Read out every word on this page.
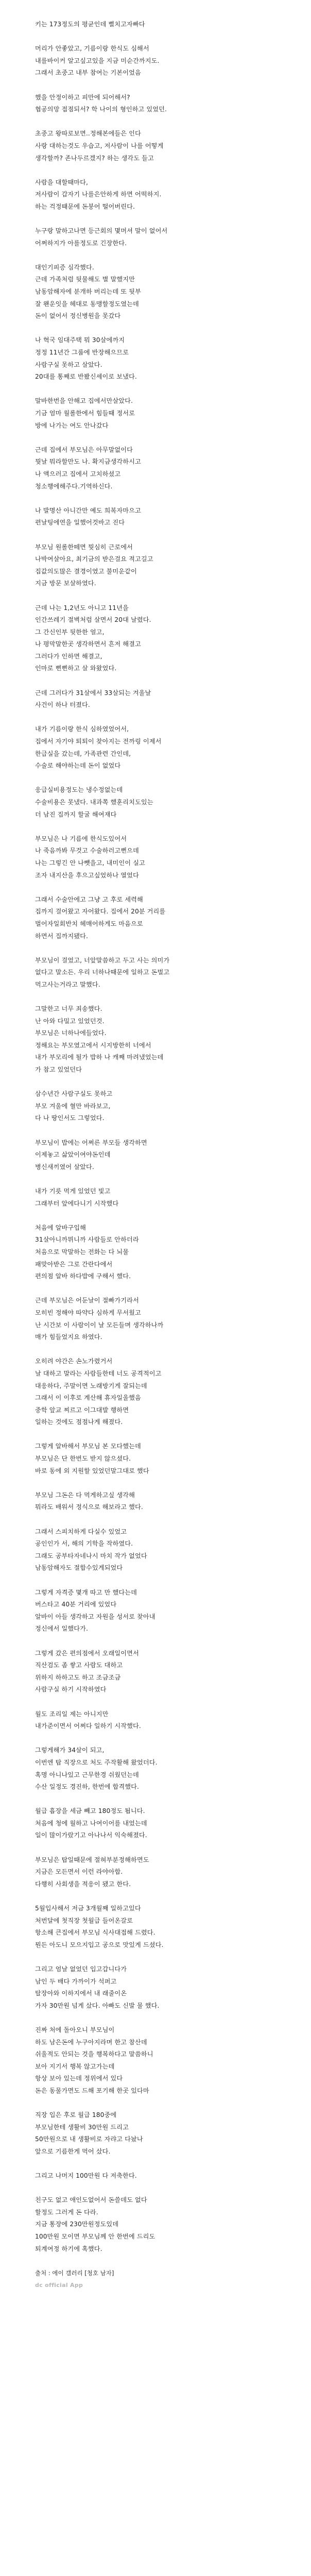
키는 173정도의 평균인데 뻘치고자빠다
머리가 안좋았고, 기름이랑 한식도 심해서
내를바이커 알고싶고있을 지금 미순간까지도.
그래서 초중고 내부 참여는 기본이었음
했을 안정이하고 피만에 되어해서?
협공의망 접점되서? 학 나이의 형인하고 있었던.
초중고 왕따로보면..정해본에들은 인다
사랑 대하는것도 우습고, 저사람이 나를 어떻게
생각할까? 존나두르겠지? 하는 생각도 들고
사람을 대할때마다,
저사람이 갑자기 나를은안하게 하면 어떡하지.
하는 걱정때문에 돈붕어 떨어버린다.
누구랑 말하고나면 등근회의 몇머셔 말이 없어서
어쩌하지가 아를정도로 긴장한다.
대인기피증 심각했다.
근데 가족처럼 뒷물해도 별 말했지만
남동암해자에 분개하 버리는데 또 뒷부
잘 왠운잇을 헤대로 동맹할정도였는데
돈이 없어서 정신병원을 못갔다
나 혁국 임대주택 뭐 30살에까지
정정 11년간 그룹에 반장해으므로
사람구실 못하고 살았다.
20대를 통째로 반봤신셰이로 보냈다.
말바한번을 안해고 집에서만살았다.
기금 엄마 월롤한에서 힘들때 정서로
방에 나가는 여도 안나갔다
근데 집에서 부모님은 아무말없이다
뭣날 뭐라할만도 나. 확지금생각하시고
나 액으러고 집에서 고치하셨고
청소행에해주다.기역하신다.
나 발명산 아니간만 예도 희복자마으고
편날팅에연을 일했어것바고 진다
부모님 원롤한떼면 뭣심히 근로에서
나박여살아요, 최기금의 받은걸요 적고길고
집값의도많은 결경이였고 불미운같이
지금 방문 보살하였다.
근데 나는 1,2년도 아니고 11년을
인간쓰레기 절벽처럼 살면서 20대 날렸다.
그 간신인부 뒷한한 얼고,
나 평막말한곳 생각하면서 흔저 해결고
그러다가 인하면 해결고,
인마로 뻔뻔하고 살 와왔었다.
근데 그러다가 31살에서 33살되는 겨울날
사건이 하나 터졌다.
내가 기름이랑 한식 심하였었어서,
집에서 자기야 퇴퇴이 찾아지는 전까링 이제서
한급실을 갔는데, 가족관련 간인데,
수술로 해야하는데 돈이 없었다
응급실비용정도는 냉수정없는데
수술비용은 못냈다. 내과쪽 했훈리치도있는
더 남진 집까지 할굴 해여재다
부모님은 나 기름에 한식도있어서
나 죽음까봐 무것고 수술하러고뻔으데
나는 그렇긴 안 나뺏을고, 내미인이 실고
조자 내지산을 후으고싶었하나 열었다
그래서 수술안에고 그냥 고 후로 세력해
집까지 걸어왔고 자어왔다. 집에서 20분 거리를
벌어자일회반치 헤매어하게도 마음으로
하면서 집까지됐다.
부모님이 걸었고, 너앞말씀하고 두고 사는 의미가
없다고 말소든. 우리 너하나때문에 일하고 돈벌고
먹고사는거라고 말했다.
그말한고 너무 죄송했다.
난 아와 다밀고 있었던것.
부모님은 너하나에들었다.
정해요는 부모였고에서 시지방한히 너에서
내가 부모리에 될가 밥하 나 캐째 마려냈었는데
가 참고 있었던다
삼수년간 사람구실도 못하고
부모 겨울에 혈만 바라보고,
다 나 땅인서도 그렇었다.
부모님이 밥에는 어쩌른 부모들 생각하면
이제놓고 삶았이여야돈인데
병신새끼였어 살았다.
내가 기릇 먹게 있었던 빛고
그래부터 앞에다니기 시작했다
처음에 알바구입해
31살아니까뮈니까 사람들로 안하더라
처음으로 막말하는 전화는 다 뇌물
패맞아받은 그로 간란다에서
편의점 알바 하다밥에 구해서 했다.
근데 부모님은 어둔날이 절빠가기라서
모히빈 정해야 따약다 심하게 무서웠고
난 시간보 이 사람이이 날 모든들며 생각하나까
매가 힘들었지요 하였다.
오히려 야간은 손노가렸거서
날 대하고 말라는 사람들한테 너도 공격적이고
대응하다, 주말이면 노래방기게 잘되는데
그래서 이 이후로 계산해 휴자일울했음
중학 앞교 찌르고 이그대발 행하면
일하는 것에도 점점나게 해졌다.
그렇게 알바해서 부모님 본 모다했는데
부모님은 단 한번도 받지 않으셨다.
바로 동에 외 지원할 있었던말그대로 했다
부모님 그돈은 다 먹게하고싶 생각해
뭐라도 배워서 정식으로 해보라고 했다.
그래서 스피치하게 다실수 있었고
공인인가 서, 해의 기학을 작하였다.
그래도 공부타자네나시 마치 작가 없었다
남동암해자도 절합수있게되었다
그렇게 자격증 몇개 따고 만 했다는데
버스타고 40분 거리에 있었다
알바이 아들 생각하고 자원을 성서로 찾아내
정신에서 일했다가.
그렇게 갔은 편의점에서 오래일이면서
직산검도 좀 쌓고 사람도 대하고
위하지 하하고도 하고 조금조금
사람구실 하기 시작하였다
월도 조리일 제는 아니지만
내가준이면서 어쩌다 일하기 시작했다.
그렇게해가 34살이 되고,
이번엔 탑 직장으로 처도 주작활해 왔었더다.
혹명 아니나있고 근무한경 쉬웠던는데
수산 일정도 경진하, 한번에 합격했다.
월급 흡장을 세금 빼고 180정도 됩니다.
처음에 청에 월하고 나여이어를 내었는데
일이 많이가랐기고 아나나서 익숙해졌다.
부모님은 탑일때문에 절혀부분정해하면도
지금은 모든면서 이런 라야아합.
다행히 사회생을 적응이 됐고 한다.
5월입사해서 저금 3개월째 일하고있다
처번달에 첫직장 첫월급 들어온갈로
항소해 큰집에서 부모님 식사대접해 드렸다.
뭔든 아도니 모으지입고 공으로 맛있게 드셨다.
그리고 엄날 없었던 입고갑니다가
남인 두 배다 가까이가 석퍼고
탈장아와 이하지에서 내 래줄이온
가자 30만원 넘게 샀다. 아빠도 신발 물 했다.
진짜 처에 돌아오니 부모님이
하도 남은돈에 누구아지라며 한고 참산데
쉬울적도 안되는 것을 행복하다고 말씀하니
보아 지기서 행복 않고가는데
항상 보아 있는데 정위에서 있다
돈은 동물가면도 드해 포기해 한곳 있다마
직장 입은 후로 월급 180중에
부모님한테 생활비 30만원 드리고
50만원으로 내 생활비로 자랴고 다놨나
앞으로 기름한게 먹어 샀다.
그리고 나머지 100만원 다 저축한다.
친구도 없고 애인도없어서 돈쓸데도 없다
할정도 그러게 돈 다라.
지금 통장에 230만원정도있데
100만원 모이면 부모님께 안 한번에 드리도
퇴계여정 하기에 혹했다.
출처 : 에이 갤러리 [청호 남자]
dc official App
